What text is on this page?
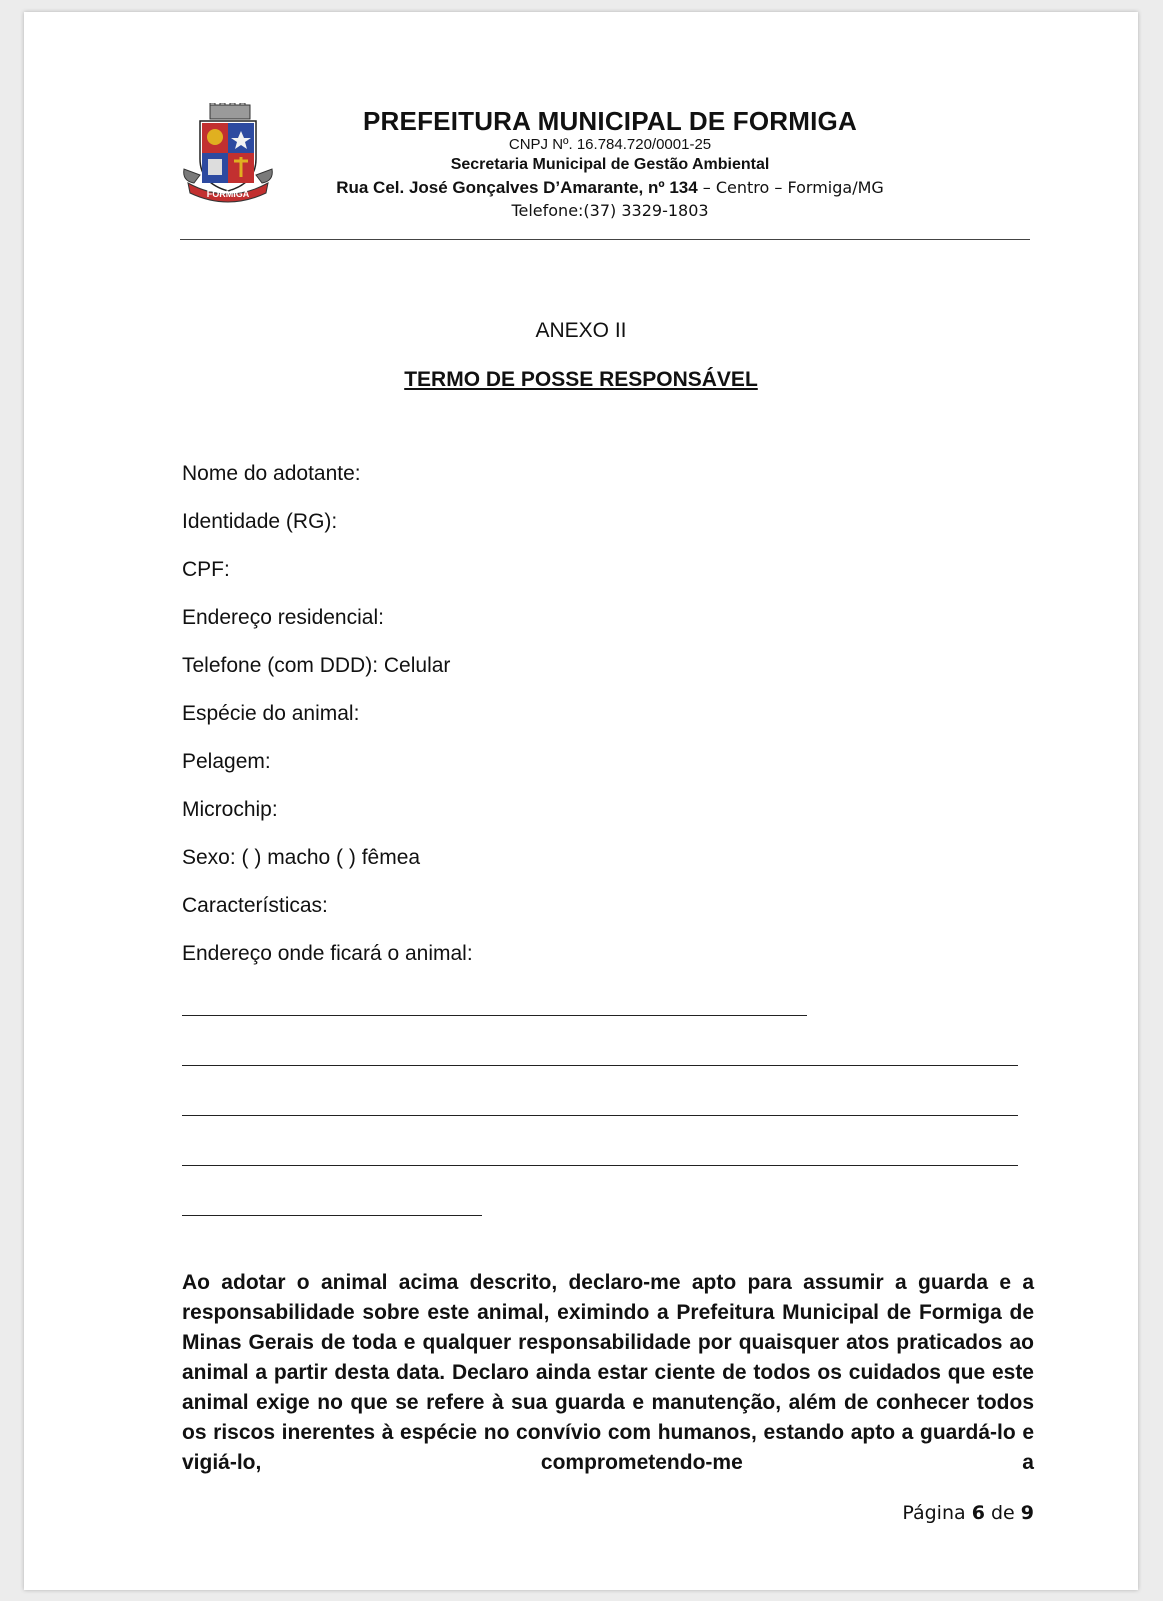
FORMIGA
PREFEITURA MUNICIPAL DE FORMIGA
CNPJ Nº. 16.784.720/0001-25
Secretaria Municipal de Gestão Ambiental
Rua Cel. José Gonçalves D’Amarante, nº 134 – Centro – Formiga/MG
Telefone:(37) 3329-1803
ANEXO II
TERMO DE POSSE RESPONSÁVEL
Nome do adotante:
Identidade (RG):
CPF:
Endereço residencial:
Telefone (com DDD): Celular
Espécie do animal:
Pelagem:
Microchip:
Sexo: ( ) macho ( ) fêmea
Características:
Endereço onde ficará o animal:
Ao adotar o animal acima descrito, declaro-me apto para assumir a guarda e a responsabilidade sobre este animal, eximindo a Prefeitura Municipal de Formiga de Minas Gerais de toda e qualquer responsabilidade por quaisquer atos praticados ao animal a partir desta data. Declaro ainda estar ciente de todos os cuidados que este animal exige no que se refere à sua guarda e manutenção, além de conhecer todos os riscos inerentes à espécie no convívio com humanos, estando apto a guardá-lo e vigiá-lo, comprometendo-me a
Página 6 de 9
